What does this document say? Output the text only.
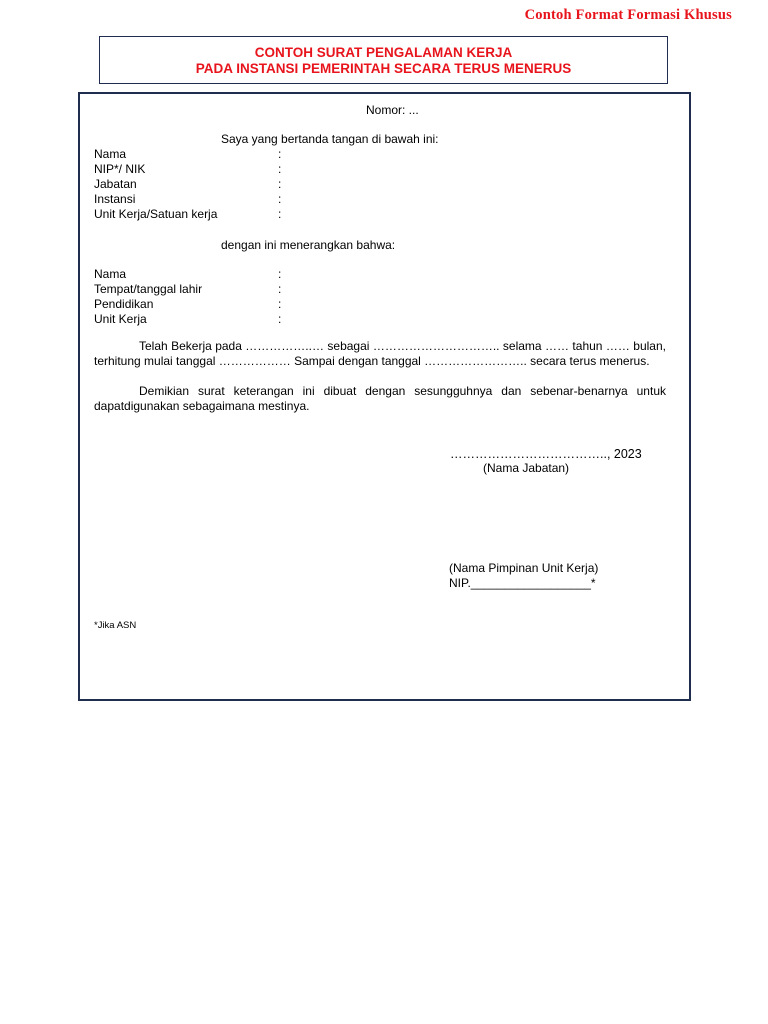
Contoh Format Formasi Khusus
CONTOH SURAT PENGALAMAN KERJA
PADA INSTANSI PEMERINTAH SECARA TERUS MENERUS
Nomor: ...
Saya yang bertanda tangan di bawah ini:
Nama	:
NIP*/ NIK	:
Jabatan	:
Instansi	:
Unit Kerja/Satuan kerja	:
dengan ini menerangkan bahwa:
Nama	:
Tempat/tanggal lahir	:
Pendidikan	:
Unit Kerja	:
Telah Bekerja pada ……………..… sebagai ………………………….. selama …… tahun …… bulan, terhitung mulai tanggal ……………… Sampai dengan tanggal …………………….. secara terus menerus.
Demikian surat keterangan ini dibuat dengan sesungguhnya dan sebenar-benarnya untuk dapatdigunakan sebagaimana mestinya.
……………………………….., 2023
(Nama Jabatan)
(Nama Pimpinan Unit Kerja)
NIP.__________________*
*Jika ASN
